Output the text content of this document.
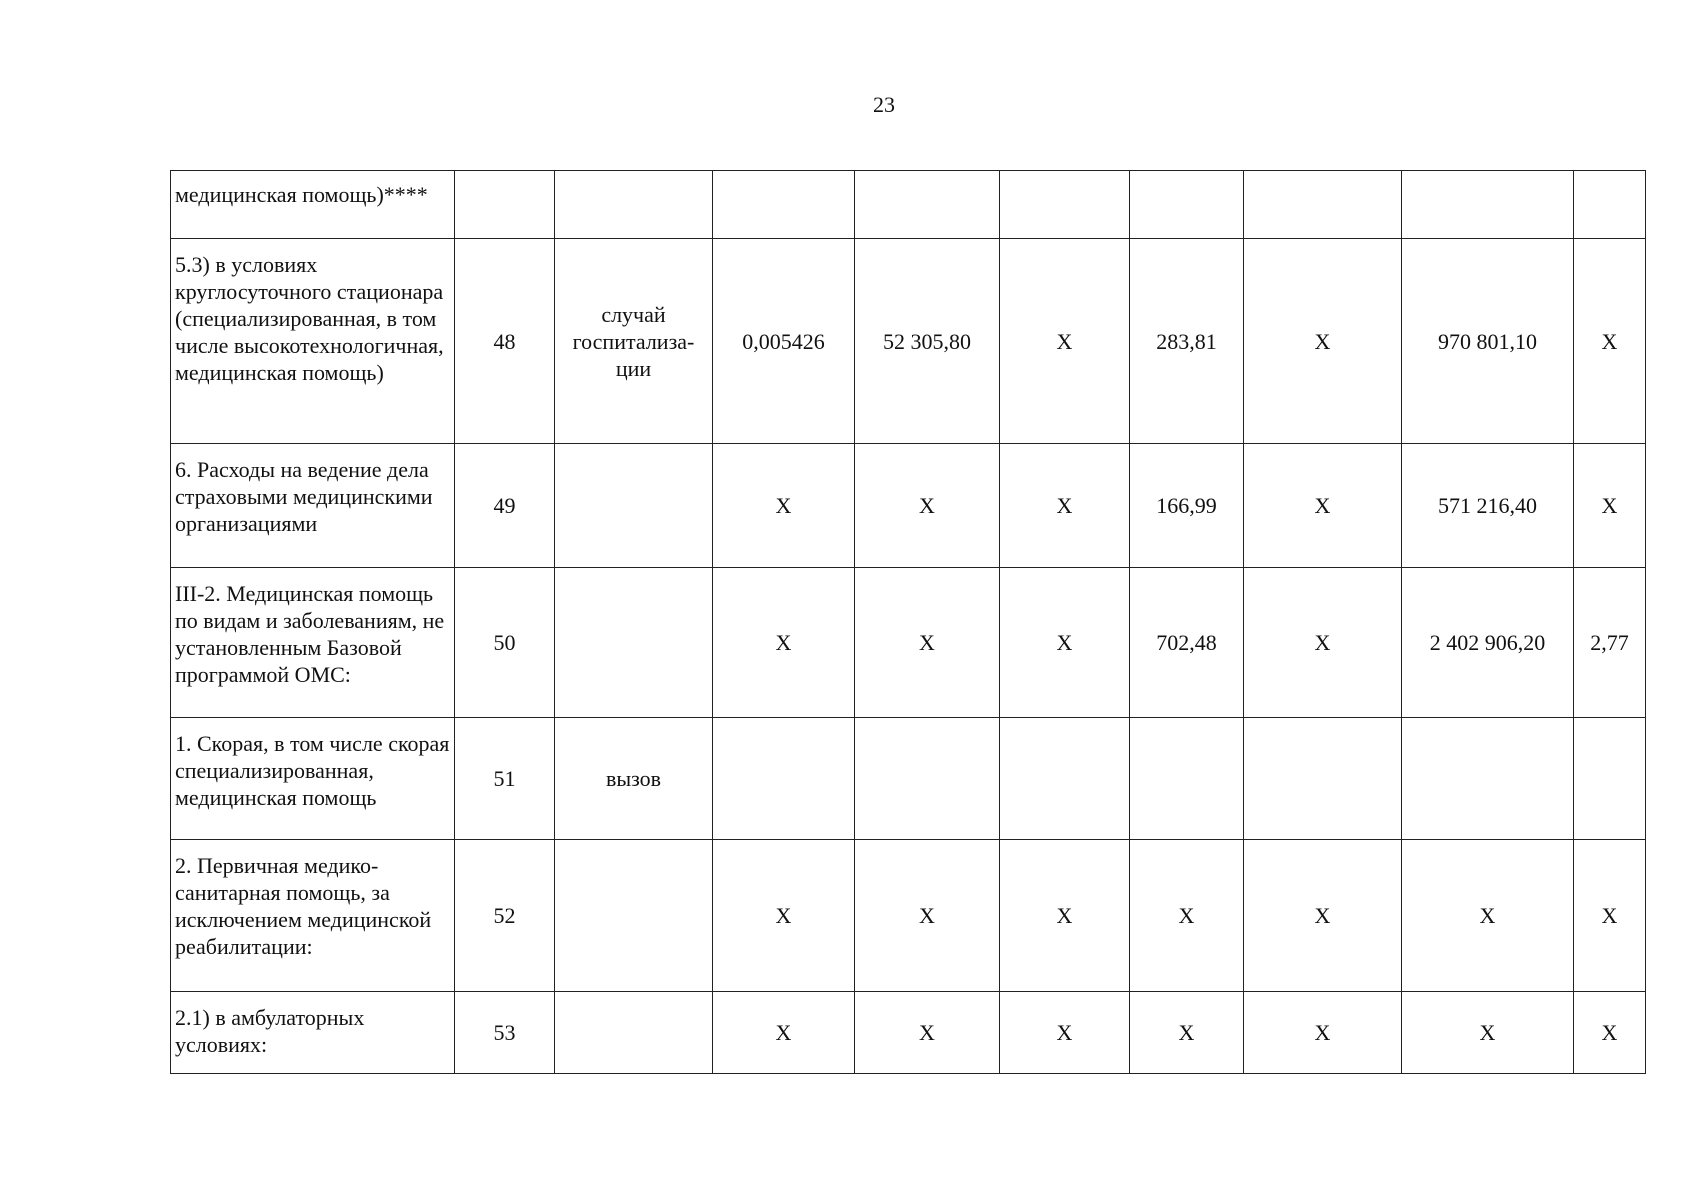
23
медицинская помощь)****									
5.3) в условиях круглосуточного стационара (специализированная, в том числе высокотехнологичная, медицинская помощь)	48	случай госпитализа-ции	0,005426	52 305,80	Х	283,81	Х	970 801,10	Х
6. Расходы на ведение дела страховыми медицинскими организациями	49		Х	Х	Х	166,99	Х	571 216,40	Х
III-2. Медицинская помощь по видам и заболеваниям, не установленным Базовой программой ОМС:	50		Х	Х	Х	702,48	Х	2 402 906,20	2,77
1. Скорая, в том числе скорая специализированная, медицинская помощь	51	вызов							
2. Первичная медико-санитарная помощь, за исключением медицинской реабилитации:	52		Х	Х	Х	Х	Х	Х	Х
2.1) в амбулаторных условиях:	53		Х	Х	Х	Х	Х	Х	Х
